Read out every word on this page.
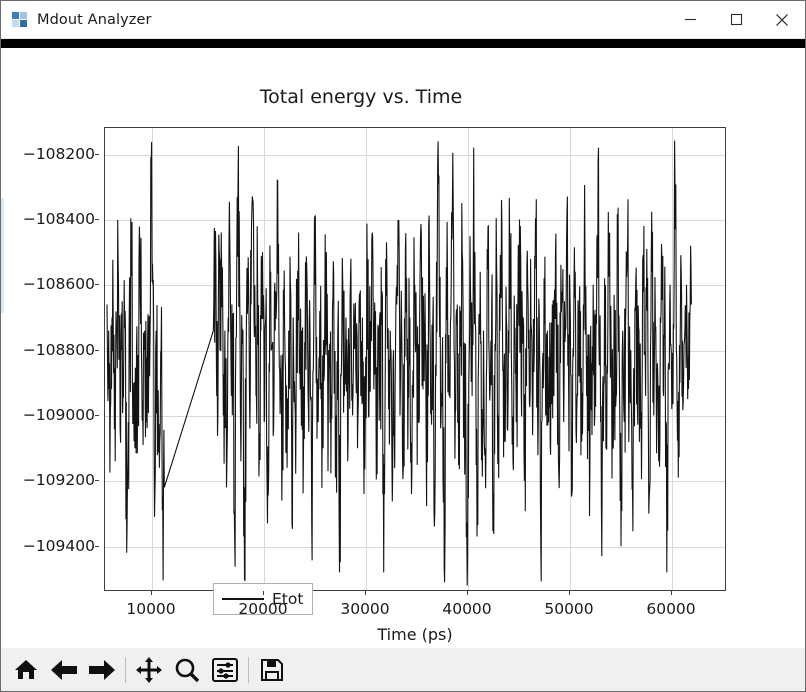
Mdout Analyzer
Total energy vs. Time
−108200
−108400
−108600
−108800
−109000
−109200
−109400
Etot
10000	20000	30000	40000	50000	60000
Time (ps)
